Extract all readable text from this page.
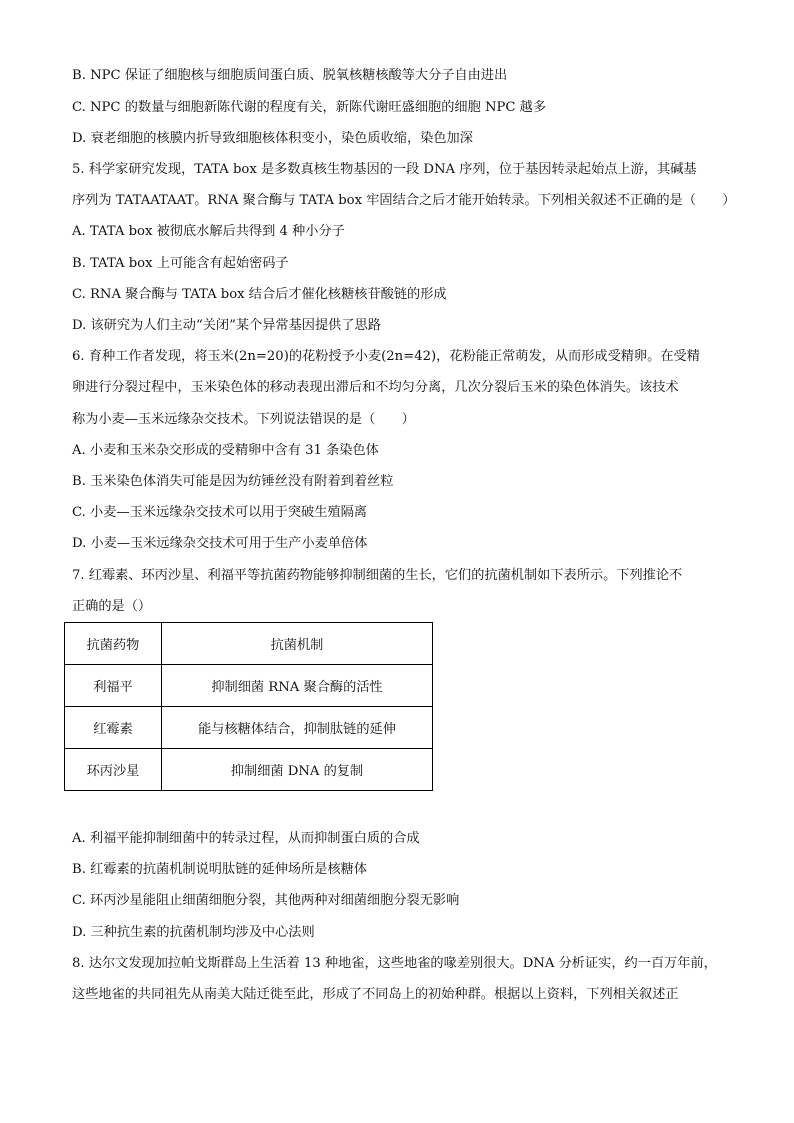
B. NPC 保证了细胞核与细胞质间蛋白质、脱氧核糖核酸等大分子自由进出
C. NPC 的数量与细胞新陈代谢的程度有关，新陈代谢旺盛细胞的细胞 NPC 越多
D. 衰老细胞的核膜内折导致细胞核体积变小，染色质收缩，染色加深
5. 科学家研究发现，TATA box 是多数真核生物基因的一段 DNA 序列，位于基因转录起始点上游，其碱基
序列为 TATAATAAT。RNA 聚合酶与 TATA box 牢固结合之后才能开始转录。下列相关叙述不正确的是（　　）
A. TATA box 被彻底水解后共得到 4 种小分子
B. TATA box 上可能含有起始密码子
C. RNA 聚合酶与 TATA box 结合后才催化核糖核苷酸链的形成
D. 该研究为人们主动“关闭”某个异常基因提供了思路
6. 育种工作者发现，将玉米(2n=20)的花粉授予小麦(2n=42)，花粉能正常萌发，从而形成受精卵。在受精
卵进行分裂过程中，玉米染色体的移动表现出滞后和不均匀分离，几次分裂后玉米的染色体消失。该技术
称为小麦—玉米远缘杂交技术。下列说法错误的是（　　）
A. 小麦和玉米杂交形成的受精卵中含有 31 条染色体
B. 玉米染色体消失可能是因为纺锤丝没有附着到着丝粒
C. 小麦—玉米远缘杂交技术可以用于突破生殖隔离
D. 小麦—玉米远缘杂交技术可用于生产小麦单倍体
7. 红霉素、环丙沙星、利福平等抗菌药物能够抑制细菌的生长，它们的抗菌机制如下表所示。下列推论不
正确的是（）
抗菌药物	抗菌机制
利福平	抑制细菌 RNA 聚合酶的活性
红霉素	能与核糖体结合，抑制肽链的延伸
环丙沙星	抑制细菌 DNA 的复制
A. 利福平能抑制细菌中的转录过程，从而抑制蛋白质的合成
B. 红霉素的抗菌机制说明肽链的延伸场所是核糖体
C. 环丙沙星能阻止细菌细胞分裂，其他两种对细菌细胞分裂无影响
D. 三种抗生素的抗菌机制均涉及中心法则
8. 达尔文发现加拉帕戈斯群岛上生活着 13 种地雀，这些地雀的喙差别很大。DNA 分析证实，约一百万年前，
这些地雀的共同祖先从南美大陆迁徙至此，形成了不同岛上的初始种群。根据以上资料，下列相关叙述正
